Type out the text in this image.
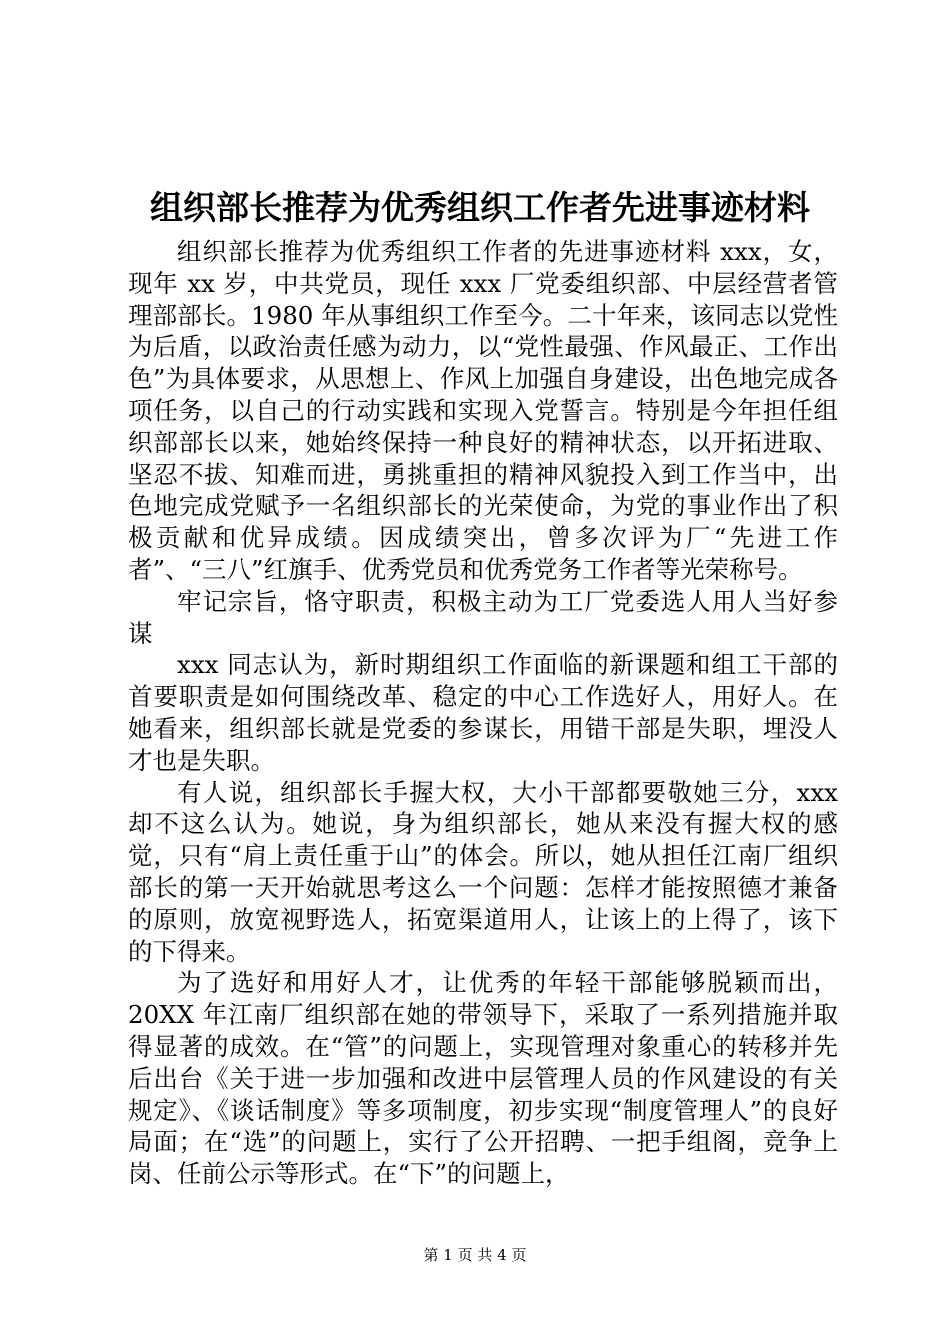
组织部长推荐为优秀组织工作者先进事迹材料

组织部长推荐为优秀组织工作者的先进事迹材料 xxx，女，现年 xx 岁，中共党员，现任 xxx 厂党委组织部、中层经营者管理部部长。1980 年从事组织工作至今。二十年来，该同志以党性为后盾，以政治责任感为动力，以“党性最强、作风最正、工作出色”为具体要求，从思想上、作风上加强自身建设，出色地完成各项任务，以自己的行动实践和实现入党誓言。特别是今年担任组织部部长以来，她始终保持一种良好的精神状态，以开拓进取、坚忍不拔、知难而进，勇挑重担的精神风貌投入到工作当中，出色地完成党赋予一名组织部长的光荣使命，为党的事业作出了积极贡献和优异成绩。因成绩突出，曾多次评为厂“先进工作者”、“三八”红旗手、优秀党员和优秀党务工作者等光荣称号。

牢记宗旨，恪守职责，积极主动为工厂党委选人用人当好参谋

xxx 同志认为，新时期组织工作面临的新课题和组工干部的首要职责是如何围绕改革、稳定的中心工作选好人，用好人。在她看来，组织部长就是党委的参谋长，用错干部是失职，埋没人才也是失职。

有人说，组织部长手握大权，大小干部都要敬她三分，xxx 却不这么认为。她说，身为组织部长，她从来没有握大权的感觉，只有“肩上责任重于山”的体会。所以，她从担任江南厂组织部长的第一天开始就思考这么一个问题：怎样才能按照德才兼备的原则，放宽视野选人，拓宽渠道用人，让该上的上得了，该下的下得来。

为了选好和用好人才，让优秀的年轻干部能够脱颖而出，20XX 年江南厂组织部在她的带领导下，采取了一系列措施并取得显著的成效。在“管”的问题上，实现管理对象重心的转移并先后出台《关于进一步加强和改进中层管理人员的作风建设的有关规定》、《谈话制度》等多项制度，初步实现“制度管理人”的良好局面；在“选”的问题上，实行了公开招聘、一把手组阁，竞争上岗、任前公示等形式。在“下”的问题上，

第 1 页 共 4 页
